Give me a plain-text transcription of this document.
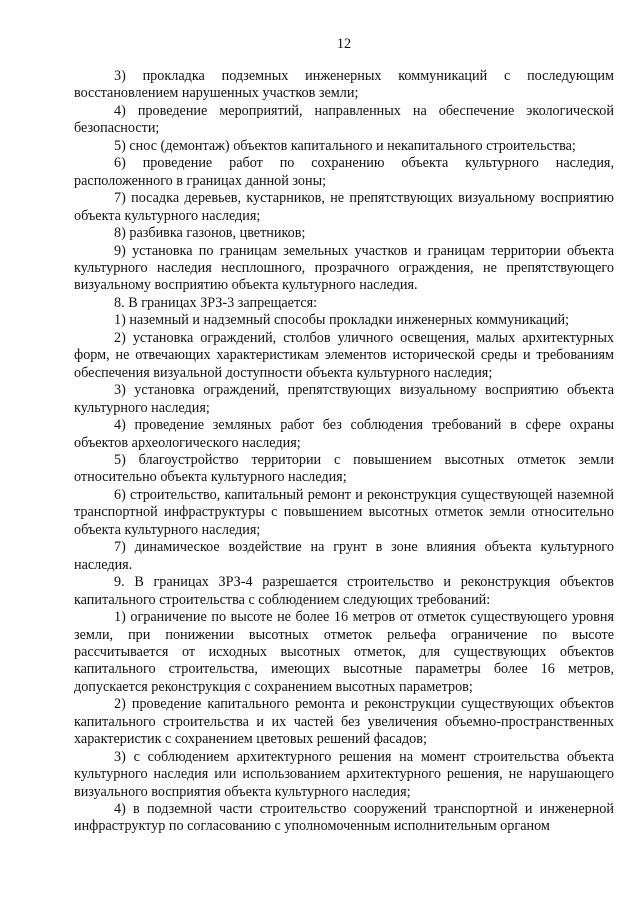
12

3) прокладка подземных инженерных коммуникаций с последующим восстановлением нарушенных участков земли;

4) проведение мероприятий, направленных на обеспечение экологической безопасности;

5) снос (демонтаж) объектов капитального и некапитального строительства;

6) проведение работ по сохранению объекта культурного наследия, расположенного в границах данной зоны;

7) посадка деревьев, кустарников, не препятствующих визуальному восприятию объекта культурного наследия;

8) разбивка газонов, цветников;

9) установка по границам земельных участков и границам территории объекта культурного наследия несплошного, прозрачного ограждения, не препятствующего визуальному восприятию объекта культурного наследия.

8. В границах ЗРЗ-3 запрещается:

1) наземный и надземный способы прокладки инженерных коммуникаций;

2) установка ограждений, столбов уличного освещения, малых архитектурных форм, не отвечающих характеристикам элементов исторической среды и требованиям обеспечения визуальной доступности объекта культурного наследия;

3) установка ограждений, препятствующих визуальному восприятию объекта культурного наследия;

4) проведение земляных работ без соблюдения требований в сфере охраны объектов археологического наследия;

5) благоустройство территории с повышением высотных отметок земли относительно объекта культурного наследия;

6) строительство, капитальный ремонт и реконструкция существующей наземной транспортной инфраструктуры с повышением высотных отметок земли относительно объекта культурного наследия;

7) динамическое воздействие на грунт в зоне влияния объекта культурного наследия.

9. В границах ЗРЗ-4 разрешается строительство и реконструкция объектов капитального строительства с соблюдением следующих требований:

1) ограничение по высоте не более 16 метров от отметок существующего уровня земли, при понижении высотных отметок рельефа ограничение по высоте рассчитывается от исходных высотных отметок, для существующих объектов капитального строительства, имеющих высотные параметры более 16 метров, допускается реконструкция с сохранением высотных параметров;

2) проведение капитального ремонта и реконструкции существующих объектов капитального строительства и их частей без увеличения объемно-пространственных характеристик с сохранением цветовых решений фасадов;

3) с соблюдением архитектурного решения на момент строительства объекта культурного наследия или использованием архитектурного решения, не нарушающего визуального восприятия объекта культурного наследия;

4) в подземной части строительство сооружений транспортной и инженерной инфраструктур по согласованию с уполномоченным исполнительным органом
